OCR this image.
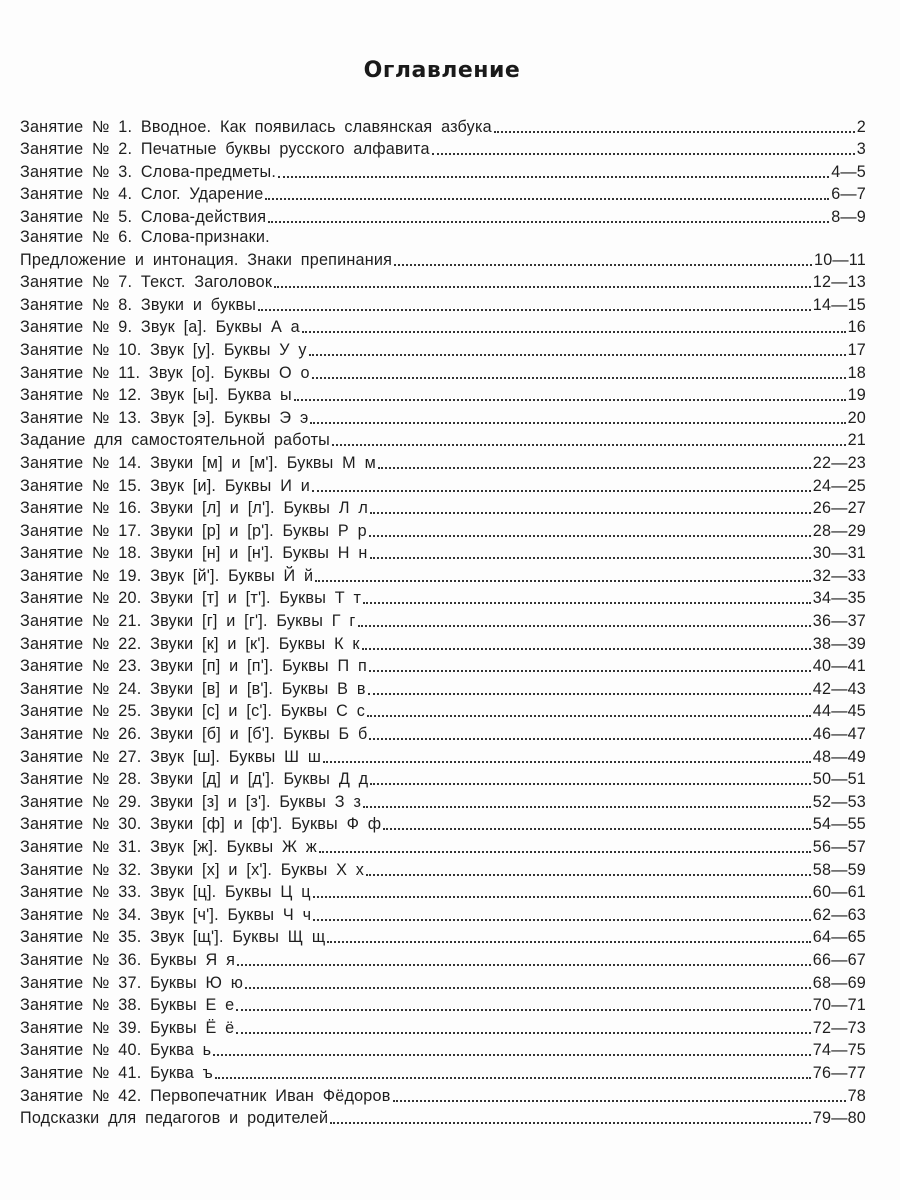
Оглавление
Занятие № 1. Вводное. Как появилась славянская азбука	2
Занятие № 2. Печатные буквы русского алфавита	3
Занятие № 3. Слова-предметы.	4—5
Занятие № 4. Слог. Ударение	6—7
Занятие № 5. Слова-действия	8—9
Занятие № 6. Слова-признаки.
Предложение и интонация. Знаки препинания	10—11
Занятие № 7. Текст. Заголовок	12—13
Занятие № 8. Звуки и буквы	14—15
Занятие № 9. Звук [а]. Буквы А а	16
Занятие № 10. Звук [у]. Буквы У у	17
Занятие № 11. Звук [о]. Буквы О о	18
Занятие № 12. Звук [ы]. Буква ы	19
Занятие № 13. Звук [э]. Буквы Э э	20
Задание для самостоятельной работы	21
Занятие № 14. Звуки [м] и [м']. Буквы М м	22—23
Занятие № 15. Звук [и]. Буквы И и	24—25
Занятие № 16. Звуки [л] и [л']. Буквы Л л	26—27
Занятие № 17. Звуки [р] и [р']. Буквы Р р	28—29
Занятие № 18. Звуки [н] и [н']. Буквы Н н	30—31
Занятие № 19. Звук [й']. Буквы Й й	32—33
Занятие № 20. Звуки [т] и [т']. Буквы Т т	34—35
Занятие № 21. Звуки [г] и [г']. Буквы Г г	36—37
Занятие № 22. Звуки [к] и [к']. Буквы К к	38—39
Занятие № 23. Звуки [п] и [п']. Буквы П п	40—41
Занятие № 24. Звуки [в] и [в']. Буквы В в	42—43
Занятие № 25. Звуки [с] и [с']. Буквы С с	44—45
Занятие № 26. Звуки [б] и [б']. Буквы Б б	46—47
Занятие № 27. Звук [ш]. Буквы Ш ш	48—49
Занятие № 28. Звуки [д] и [д']. Буквы Д д	50—51
Занятие № 29. Звуки [з] и [з']. Буквы З з	52—53
Занятие № 30. Звуки [ф] и [ф']. Буквы Ф ф	54—55
Занятие № 31. Звук [ж]. Буквы Ж ж	56—57
Занятие № 32. Звуки [х] и [х']. Буквы Х х	58—59
Занятие № 33. Звук [ц]. Буквы Ц ц	60—61
Занятие № 34. Звук [ч']. Буквы Ч ч	62—63
Занятие № 35. Звук [щ']. Буквы Щ щ	64—65
Занятие № 36. Буквы Я я	66—67
Занятие № 37. Буквы Ю ю	68—69
Занятие № 38. Буквы Е е	70—71
Занятие № 39. Буквы Ё ё	72—73
Занятие № 40. Буква ь	74—75
Занятие № 41. Буква ъ	76—77
Занятие № 42. Первопечатник Иван Фёдоров	78
Подсказки для педагогов и родителей	79—80
